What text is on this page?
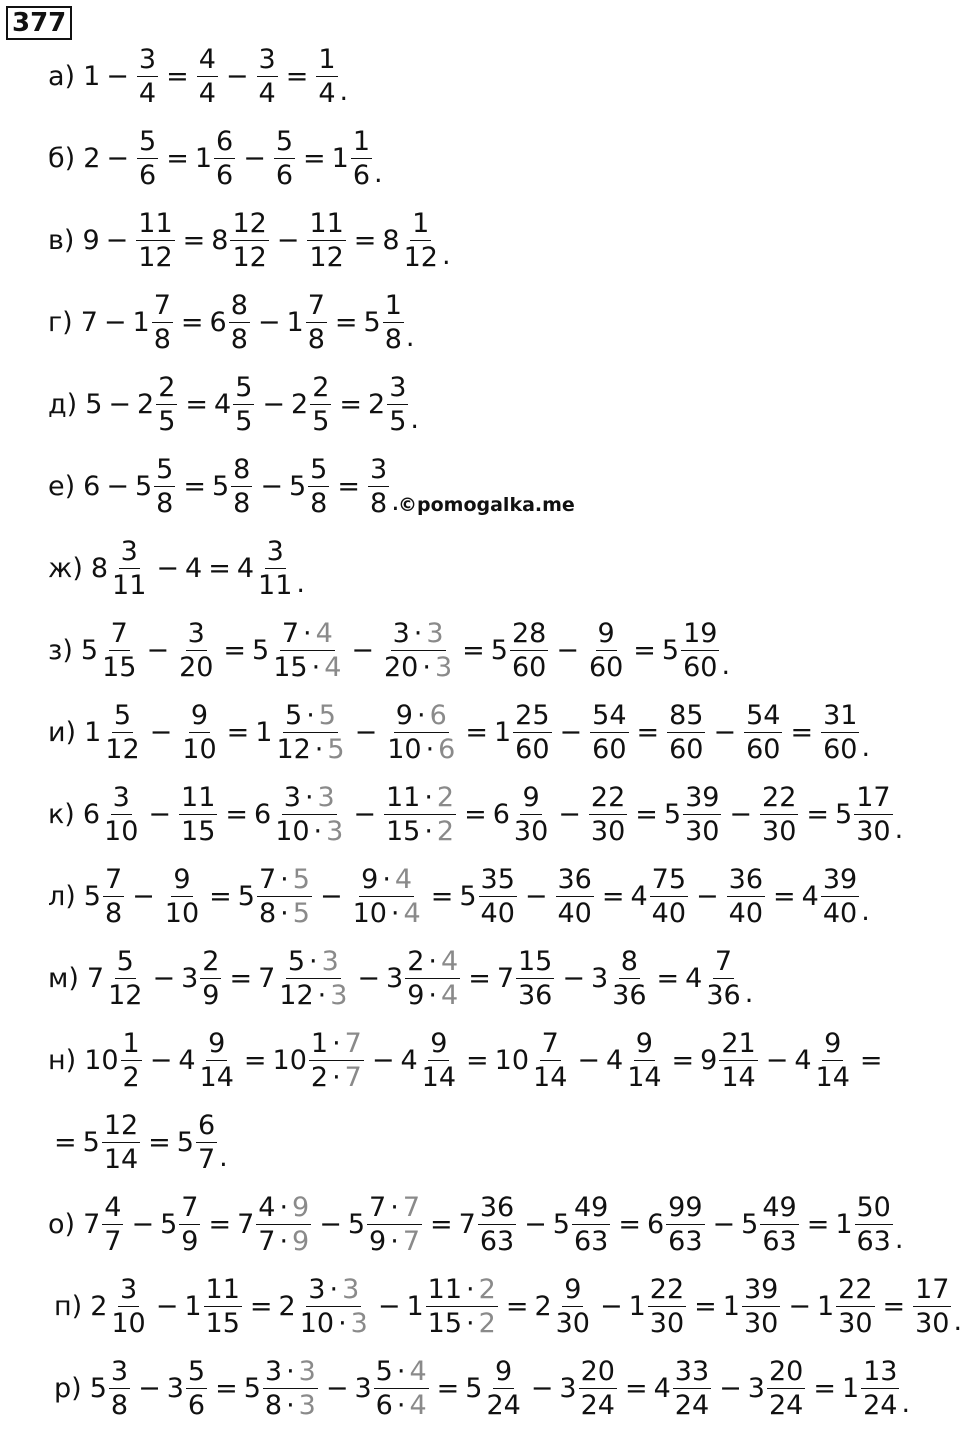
377
а) $1 - \frac{3}{4} = \frac{4}{4} - \frac{3}{4} = \frac{1}{4}$ .
б) $2 - \frac{5}{6} = 1 \frac{6}{6} - \frac{5}{6} = 1 \frac{1}{6}$ .
в) $9 - \frac{11}{12} = 8 \frac{12}{12} - \frac{11}{12} = 8 \frac{1}{12}$ .
г) $7 - 1 \frac{7}{8} = 6 \frac{8}{8} - 1 \frac{7}{8} = 5 \frac{1}{8}$ .
д) $5 - 2 \frac{2}{5} = 4 \frac{5}{5} - 2 \frac{2}{5} = 2 \frac{3}{5}$ .
е) $6 - 5 \frac{5}{8} = 5 \frac{8}{8} - 5 \frac{5}{8} = \frac{3}{8}$ .
ж) $8 \frac{3}{11} - 4 = 4 \frac{3}{11}$ .
з) $5 \frac{7}{15} - \frac{3}{20} = 5 \frac{7 \cdot 4}{15 \cdot 4} - \frac{3 \cdot 3}{20 \cdot 3} = 5 \frac{28}{60} - \frac{9}{60} = 5 \frac{19}{60}$ .
и) $1 \frac{5}{12} - \frac{9}{10} = 1 \frac{5 \cdot 5}{12 \cdot 5} - \frac{9 \cdot 6}{10 \cdot 6} = 1 \frac{25}{60} - \frac{54}{60} = \frac{85}{60} - \frac{54}{60} = \frac{31}{60}$ .
к) $6 \frac{3}{10} - \frac{11}{15} = 6 \frac{3 \cdot 3}{10 \cdot 3} - \frac{11 \cdot 2}{15 \cdot 2} = 6 \frac{9}{30} - \frac{22}{30} = 5 \frac{39}{30} - \frac{22}{30} = 5 \frac{17}{30}$ .
л) $5 \frac{7}{8} - \frac{9}{10} = 5 \frac{7 \cdot 5}{8 \cdot 5} - \frac{9 \cdot 4}{10 \cdot 4} = 5 \frac{35}{40} - \frac{36}{40} = 4 \frac{75}{40} - \frac{36}{40} = 4 \frac{39}{40}$ .
м) $7 \frac{5}{12} - 3 \frac{2}{9} = 7 \frac{5 \cdot 3}{12 \cdot 3} - 3 \frac{2 \cdot 4}{9 \cdot 4} = 7 \frac{15}{36} - 3 \frac{8}{36} = 4 \frac{7}{36}$ .
н) $10 \frac{1}{2} - 4 \frac{9}{14} = 10 \frac{1 \cdot 7}{2 \cdot 7} - 4 \frac{9}{14} = 10 \frac{7}{14} - 4 \frac{9}{14} = 9 \frac{21}{14} - 4 \frac{9}{14}$ =
= $5 \frac{12}{14} = 5 \frac{6}{7}$ .
о) $7 \frac{4}{7} - 5 \frac{7}{9} = 7 \frac{4 \cdot 9}{7 \cdot 9} - 5 \frac{7 \cdot 7}{9 \cdot 7} = 7 \frac{36}{63} - 5 \frac{49}{63} = 6 \frac{99}{63} - 5 \frac{49}{63} = 1 \frac{50}{63}$ .
п) $2 \frac{3}{10} - 1 \frac{11}{15} = 2 \frac{3 \cdot 3}{10 \cdot 3} - 1 \frac{11 \cdot 2}{15 \cdot 2} = 2 \frac{9}{30} - 1 \frac{22}{30} = 1 \frac{39}{30} - 1 \frac{22}{30} = \frac{17}{30}$ .
р) $5 \frac{3}{8} - 3 \frac{5}{6} = 5 \frac{3 \cdot 3}{8 \cdot 3} - 3 \frac{5 \cdot 4}{6 \cdot 4} = 5 \frac{9}{24} - 3 \frac{20}{24} = 4 \frac{33}{24} - 3 \frac{20}{24} = 1 \frac{13}{24}$ .
©pomogalka.me
